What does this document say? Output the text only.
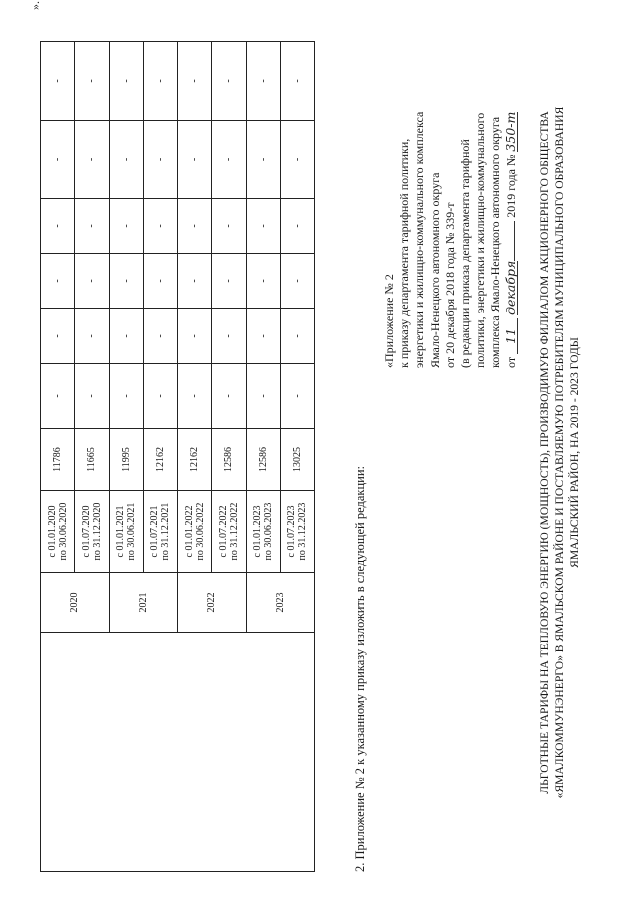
	2020	с 01.01.2020 по 30.06.2020	11786	-	-	-	-	-	-

		с 01.07.2020 по 31.12.2020	11665	-	-	-	-	-	-
	2021	с 01.01.2021 по 30.06.2021	11995	-	-	-	-	-	-

		с 01.07.2021 по 31.12.2021	12162	-	-	-	-	-	-
	2022	с 01.01.2022 по 30.06.2022	12162	-	-	-	-	-	-

		с 01.07.2022 по 31.12.2022	12586	-	-	-	-	-	-
	2023	с 01.01.2023 по 30.06.2023	12586	-	-	-	-	-	-

		с 01.07.2023 по 31.12.2023	13025	-	-	-	-	-	-
».
2. Приложение № 2 к указанному приказу изложить в следующей редакции:
«Приложение № 2 к приказу департамента тарифной политики, энергетики и жилищно-коммунального комплекса Ямало-Ненецкого автономного округа от 20 декабря 2018 года № 339-т (в редакции приказа департамента тарифной политики, энергетики и жилищно-коммунального комплекса Ямало-Ненецкого автономного округа от 11 декабря 2019 года № 350-т ЛЬГОТНЫЕ ТАРИФЫ НА ТЕПЛОВУЮ ЭНЕРГИЮ (МОЩНОСТЬ), ПРОИЗВОДИМУЮ ФИЛИАЛОМ АКЦИОНЕРНОГО ОБЩЕСТВА «ЯМАЛКОММУНЭНЕРГО» В ЯМАЛЬСКОМ РАЙОНЕ И ПОСТАВЛЯЕМУЮ ПОТРЕБИТЕЛЯМ МУНИЦИПАЛЬНОГО ОБРАЗОВАНИЯ ЯМАЛЬСКИЙ РАЙОН, НА 2019 - 2023 ГОДЫ
